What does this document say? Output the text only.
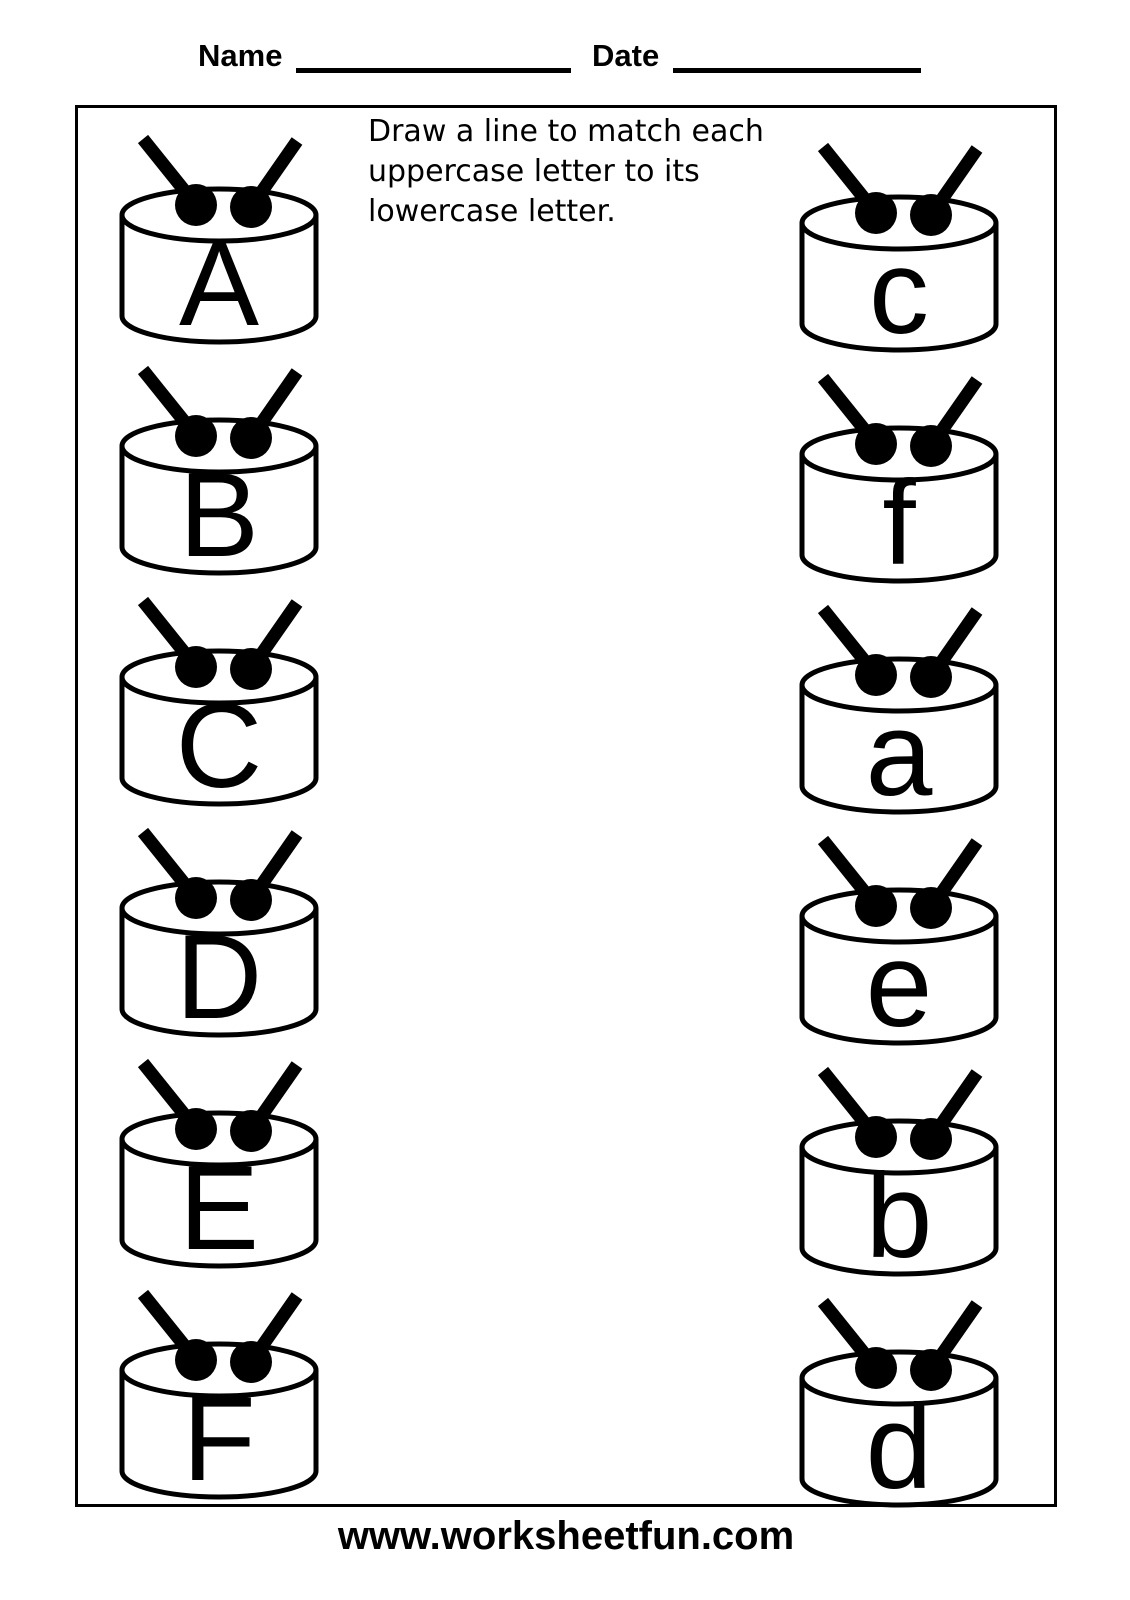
Name	Date
Draw a line to match each
uppercase letter to its
lowercase letter.
A
B
C
D
E
F
c
f
a
e
b
d
www.worksheetfun.com
